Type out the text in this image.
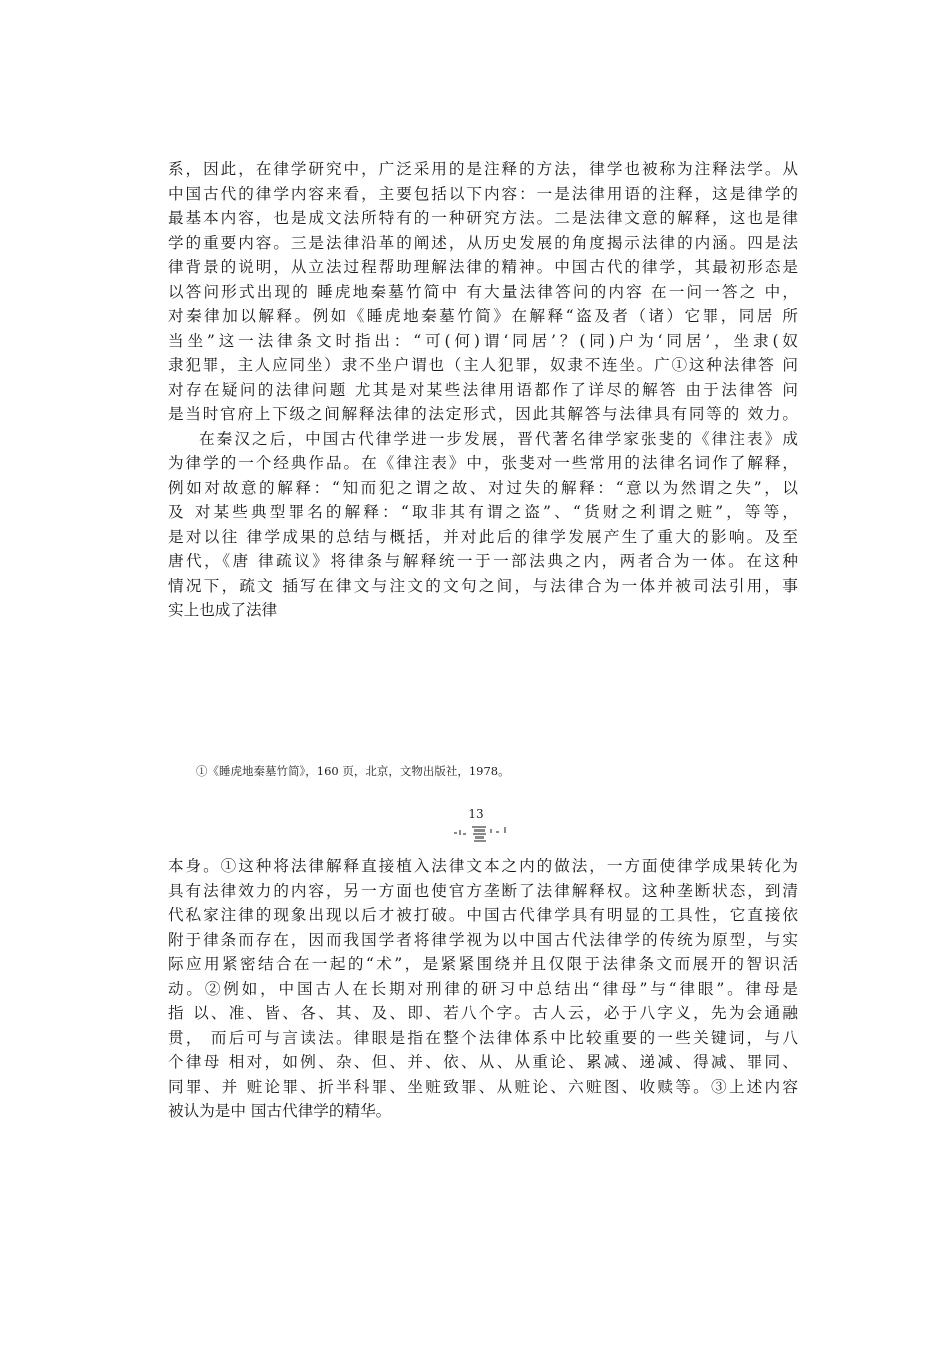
系，因此，在律学研究中，广泛采用的是注释的方法，律学也被称为注释法学。从
中国古代的律学内容来看，主要包括以下内容：一是法律用语的注释，这是律学的
最基本内容，也是成文法所特有的一种研究方法。二是法律文意的解释，这也是律
学的重要内容。三是法律沿革的阐述，从历史发展的角度揭示法律的内涵。四是法
律背景的说明，从立法过程帮助理解法律的精神。中国古代的律学，其最初形态是
以答问形式出现的 睡虎地秦墓竹简中 有大量法律答问的内容 在一问一答之 中，
对秦律加以解释。例如《睡虎地秦墓竹简》在解释“盗及者（诸）它罪，同居 所
当坐”这一法律条文时指出：“可(何)谓‘同居’？(同)户为‘同居’，坐隶(奴
隶犯罪，主人应同坐）隶不坐户谓也（主人犯罪，奴隶不连坐。广①这种法律答 问
对存在疑问的法律问题 尤其是对某些法律用语都作了详尽的解答 由于法律答 问
是当时官府上下级之间解释法律的法定形式，因此其解答与法律具有同等的 效力。
在秦汉之后，中国古代律学进一步发展，晋代著名律学家张斐的《律注表》成
为律学的一个经典作品。在《律注表》中，张斐对一些常用的法律名词作了解释，
例如对故意的解释：“知而犯之谓之故、对过失的解释：“意以为然谓之失”，以
及 对某些典型罪名的解释：“取非其有谓之盗”、“货财之利谓之赃”，等等，
是对以往 律学成果的总结与概括，并对此后的律学发展产生了重大的影响。及至
唐代，《唐 律疏议》将律条与解释统一于一部法典之内，两者合为一体。在这种
情况下，疏文 插写在律文与注文的文句之间，与法律合为一体并被司法引用，事
实上也成了法律
①《睡虎地秦墓竹简》，160 页，北京，文物出版社，1978。
13
本身。①这种将法律解释直接植入法律文本之内的做法，一方面使律学成果转化为
具有法律效力的内容，另一方面也使官方垄断了法律解释权。这种垄断状态，到清
代私家注律的现象出现以后才被打破。中国古代律学具有明显的工具性，它直接依
附于律条而存在，因而我国学者将律学视为以中国古代法律学的传统为原型，与实
际应用紧密结合在一起的“术”，是紧紧围绕并且仅限于法律条文而展开的智识活
动。②例如，中国古人在长期对刑律的研习中总结出“律母”与“律眼”。律母是
指 以、准、皆、各、其、及、即、若八个字。古人云，必于八字义，先为会通融
贯， 而后可与言读法。律眼是指在整个法律体系中比较重要的一些关键词，与八
个律母 相对，如例、杂、但、并、依、从、从重论、累减、递减、得减、罪同、
同罪、并 赃论罪、折半科罪、坐赃致罪、从赃论、六赃图、收赎等。③上述内容
被认为是中 国古代律学的精华。
